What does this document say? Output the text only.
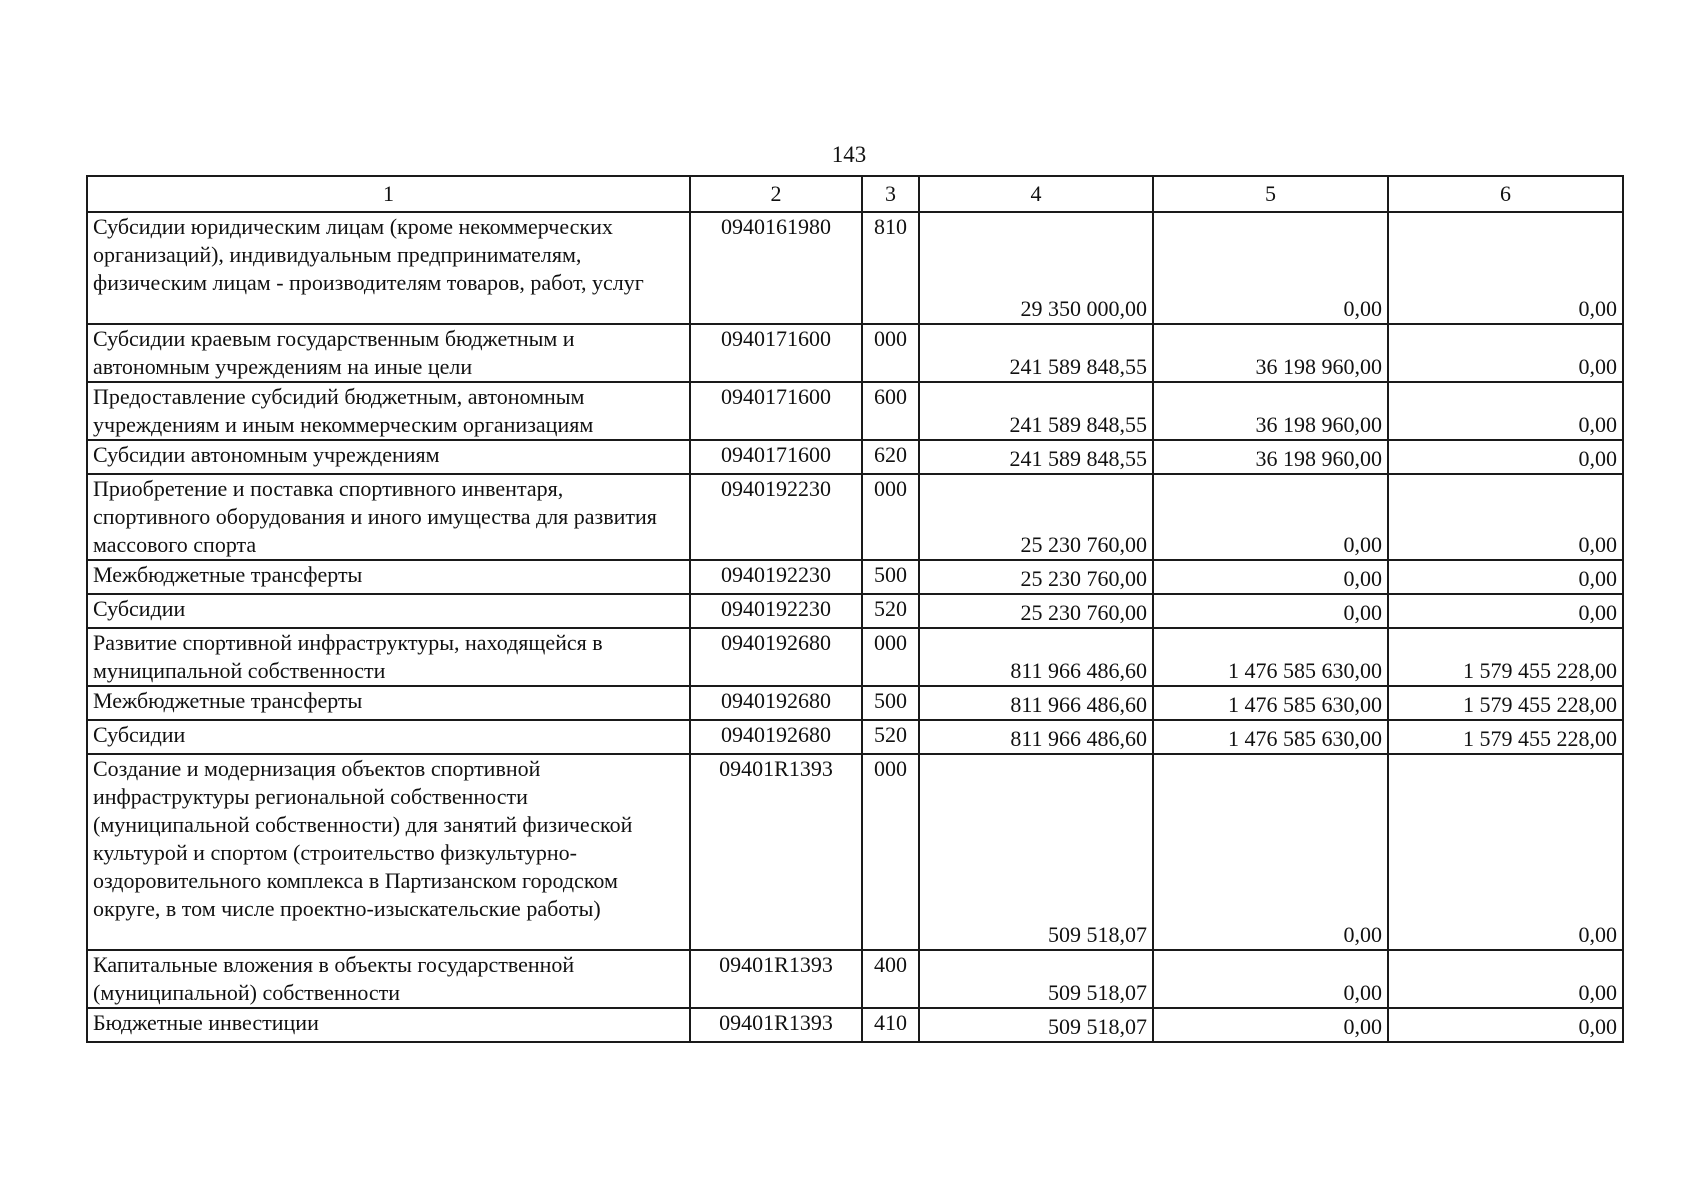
143
1	2	3	4	5	6
Субсидии юридическим лицам (кроме некоммерческих организаций), индивидуальным предпринимателям, физическим лицам - производителям товаров, работ, услуг	0940161980	810	29 350 000,00	0,00	0,00
Субсидии краевым государственным бюджетным и автономным учреждениям на иные цели	0940171600	000	241 589 848,55	36 198 960,00	0,00
Предоставление субсидий бюджетным, автономным учреждениям и иным некоммерческим организациям	0940171600	600	241 589 848,55	36 198 960,00	0,00
Субсидии автономным учреждениям	0940171600	620	241 589 848,55	36 198 960,00	0,00
Приобретение и поставка спортивного инвентаря, спортивного оборудования и иного имущества для развития массового спорта	0940192230	000	25 230 760,00	0,00	0,00
Межбюджетные трансферты	0940192230	500	25 230 760,00	0,00	0,00
Субсидии	0940192230	520	25 230 760,00	0,00	0,00
Развитие спортивной инфраструктуры, находящейся в муниципальной собственности	0940192680	000	811 966 486,60	1 476 585 630,00	1 579 455 228,00
Межбюджетные трансферты	0940192680	500	811 966 486,60	1 476 585 630,00	1 579 455 228,00
Субсидии	0940192680	520	811 966 486,60	1 476 585 630,00	1 579 455 228,00
Создание и модернизация объектов спортивной инфраструктуры региональной собственности (муниципальной собственности) для занятий физической культурой и спортом (строительство физкультурно-оздоровительного комплекса в Партизанском городском округе, в том числе проектно-изыскательские работы)	09401R1393	000	509 518,07	0,00	0,00
Капитальные вложения в объекты государственной (муниципальной) собственности	09401R1393	400	509 518,07	0,00	0,00
Бюджетные инвестиции	09401R1393	410	509 518,07	0,00	0,00
